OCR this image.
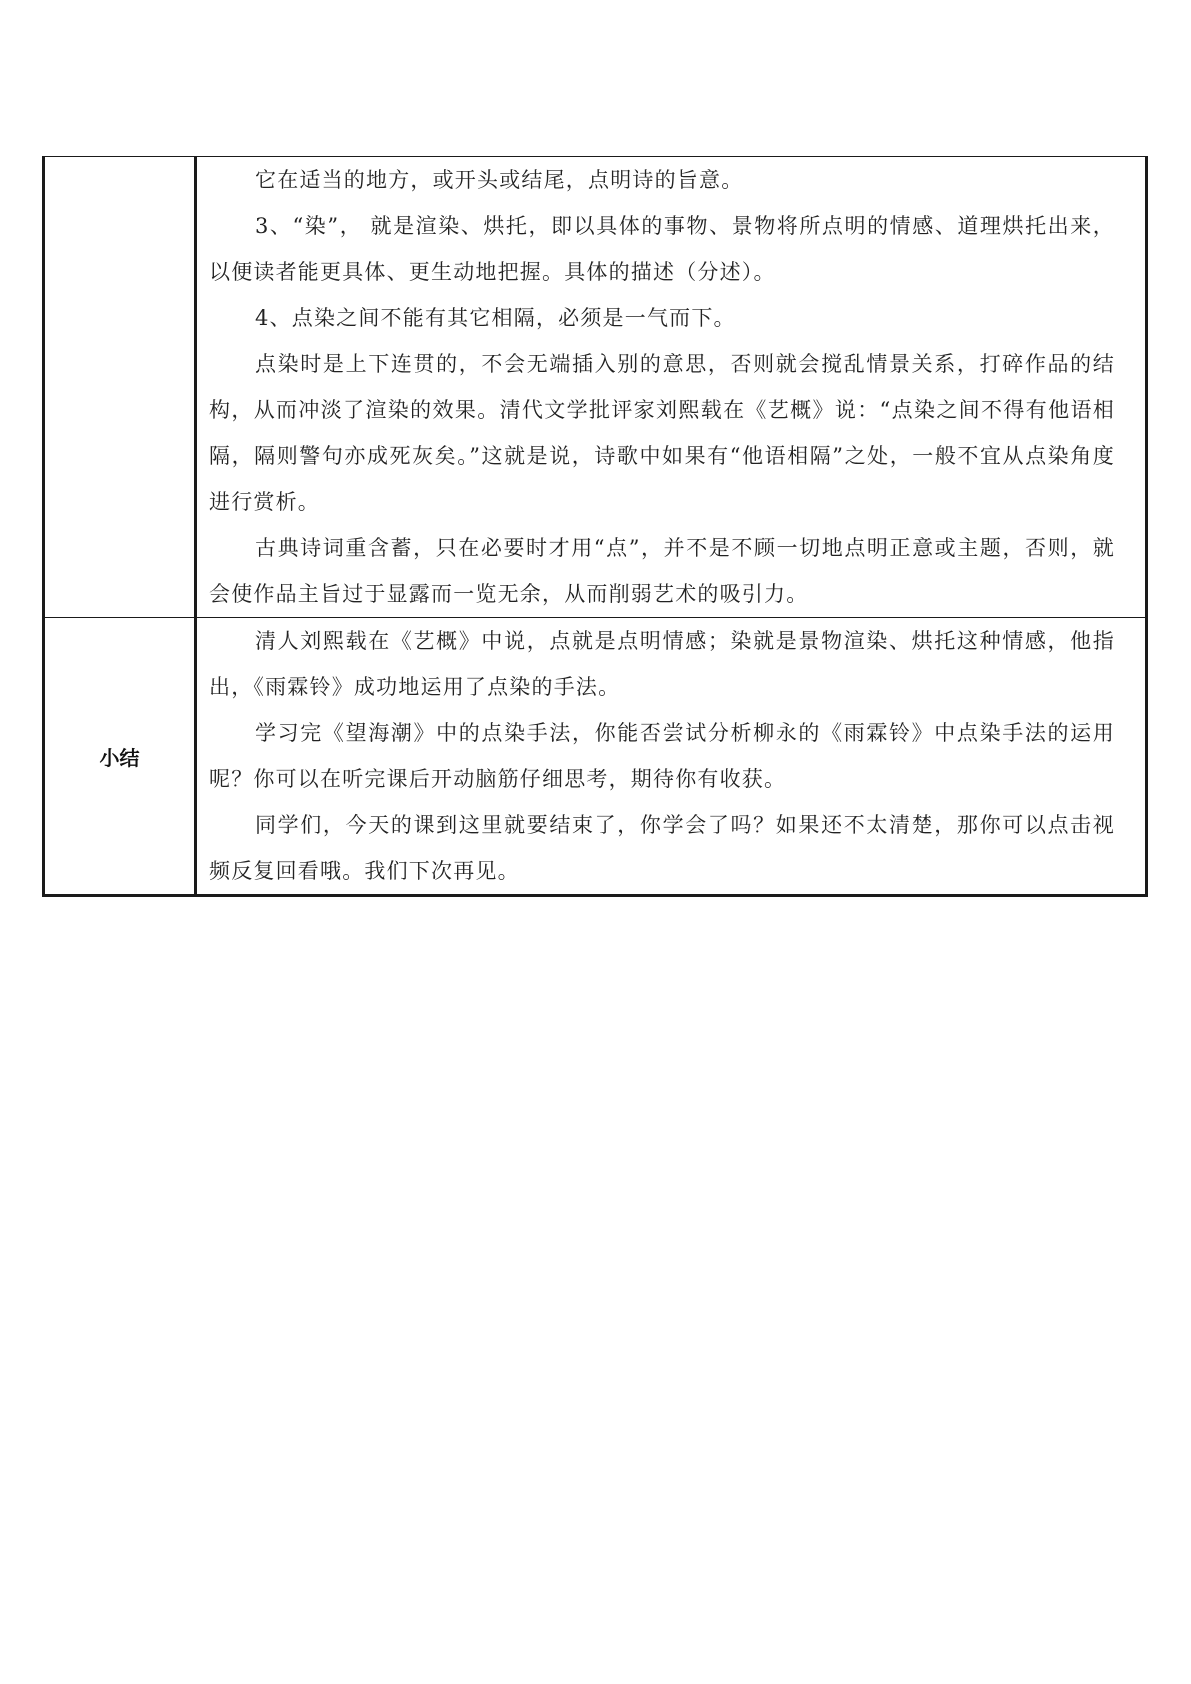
	它在适当的地方，或开头或结尾，点明诗的旨意。

3、“染”， 就是渲染、烘托，即以具体的事物、景物将所点明的情感、道理烘托出来，以便读者能更具体、更生动地把握。具体的描述（分述）。

4、点染之间不能有其它相隔，必须是一气而下。

点染时是上下连贯的，不会无端插入别的意思，否则就会搅乱情景关系，打碎作品的结构，从而冲淡了渲染的效果。清代文学批评家刘熙载在《艺概》说：“点染之间不得有他语相隔，隔则警句亦成死灰矣。”这就是说，诗歌中如果有“他语相隔”之处，一般不宜从点染角度进行赏析。

古典诗词重含蓄，只在必要时才用“点”，并不是不顾一切地点明正意或主题，否则，就会使作品主旨过于显露而一览无余，从而削弱艺术的吸引力。

小结	清人刘熙载在《艺概》中说，点就是点明情感；染就是景物渲染、烘托这种情感，他指出，《雨霖铃》成功地运用了点染的手法。

学习完《望海潮》中的点染手法，你能否尝试分析柳永的《雨霖铃》中点染手法的运用呢？你可以在听完课后开动脑筋仔细思考，期待你有收获。

同学们，今天的课到这里就要结束了，你学会了吗？如果还不太清楚，那你可以点击视频反复回看哦。我们下次再见。
